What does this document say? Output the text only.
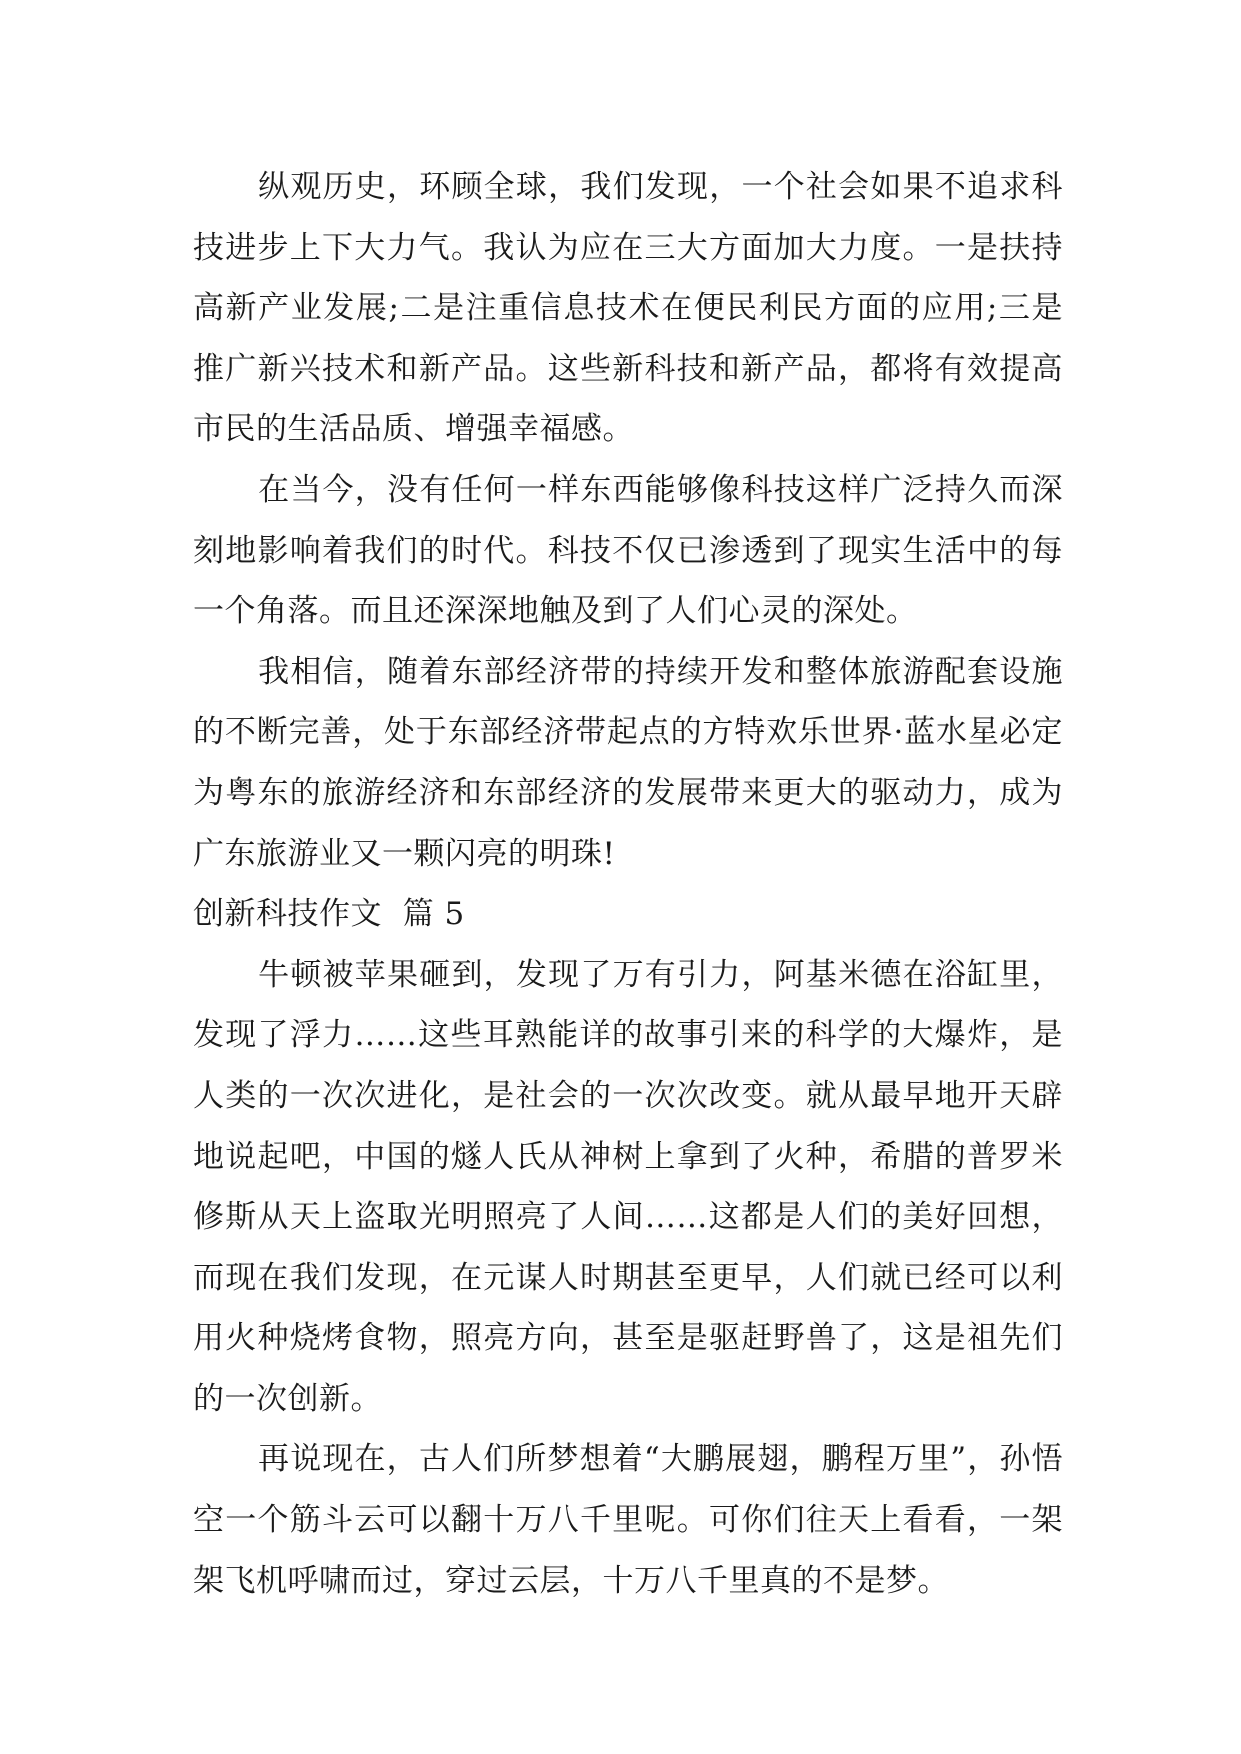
纵观历史，环顾全球，我们发现，一个社会如果不追求科技进步上下大力气。我认为应在三大方面加大力度。一是扶持高新产业发展;二是注重信息技术在便民利民方面的应用;三是推广新兴技术和新产品。这些新科技和新产品，都将有效提高市民的生活品质、增强幸福感。

在当今，没有任何一样东西能够像科技这样广泛持久而深刻地影响着我们的时代。科技不仅已渗透到了现实生活中的每一个角落。而且还深深地触及到了人们心灵的深处。

我相信，随着东部经济带的持续开发和整体旅游配套设施的不断完善，处于东部经济带起点的方特欢乐世界·蓝水星必定为粤东的旅游经济和东部经济的发展带来更大的驱动力，成为广东旅游业又一颗闪亮的明珠!

创新科技作文  篇 5

牛顿被苹果砸到，发现了万有引力，阿基米德在浴缸里，发现了浮力……这些耳熟能详的故事引来的科学的大爆炸，是人类的一次次进化，是社会的一次次改变。就从最早地开天辟地说起吧，中国的燧人氏从神树上拿到了火种，希腊的普罗米修斯从天上盗取光明照亮了人间……这都是人们的美好回想，而现在我们发现，在元谋人时期甚至更早，人们就已经可以利用火种烧烤食物，照亮方向，甚至是驱赶野兽了，这是祖先们的一次创新。

再说现在，古人们所梦想着“大鹏展翅，鹏程万里”，孙悟空一个筋斗云可以翻十万八千里呢。可你们往天上看看，一架架飞机呼啸而过，穿过云层，十万八千里真的不是梦。
